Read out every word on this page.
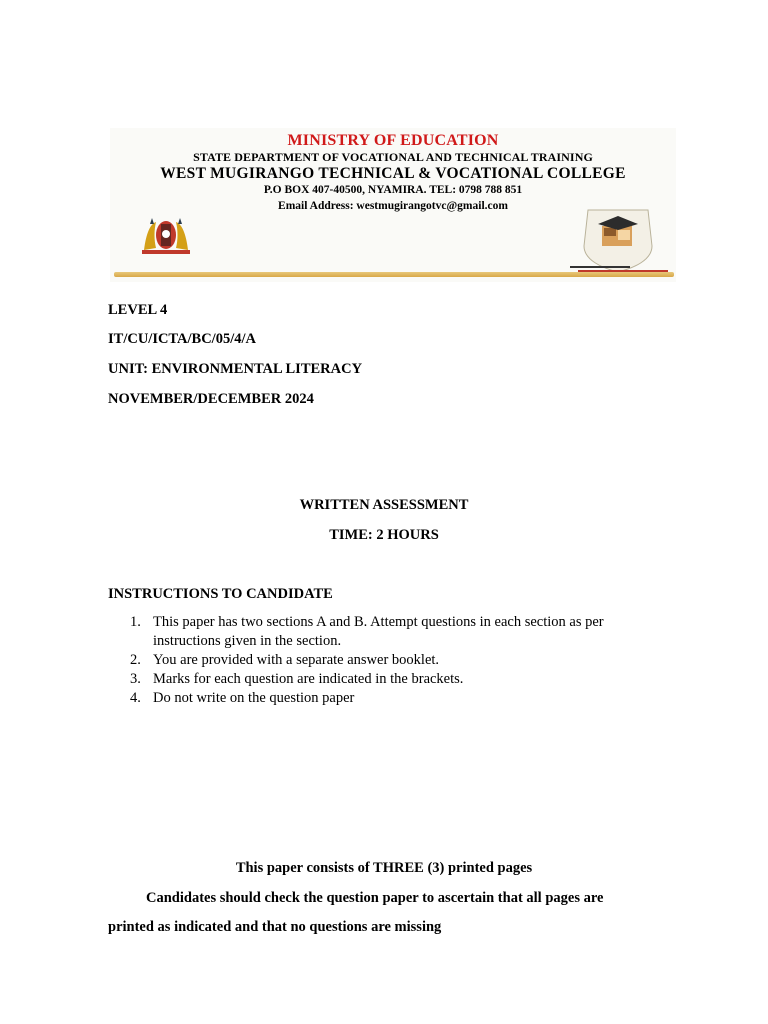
MINISTRY OF EDUCATION
STATE DEPARTMENT OF VOCATIONAL AND TECHNICAL TRAINING
WEST MUGIRANGO TECHNICAL & VOCATIONAL COLLEGE
P.O BOX 407-40500, NYAMIRA. TEL: 0798 788 851
Email Address: westmugirangotvc@gmail.com
LEVEL 4
IT/CU/ICTA/BC/05/4/A
UNIT: ENVIRONMENTAL LITERACY
NOVEMBER/DECEMBER 2024
WRITTEN ASSESSMENT
TIME: 2 HOURS
INSTRUCTIONS TO CANDIDATE
1. This paper has two sections A and B. Attempt questions in each section as per
instructions given in the section.
2. You are provided with a separate answer booklet.
3. Marks for each question are indicated in the brackets.
4. Do not write on the question paper
This paper consists of THREE (3) printed pages
Candidates should check the question paper to ascertain that all pages are
printed as indicated and that no questions are missing
